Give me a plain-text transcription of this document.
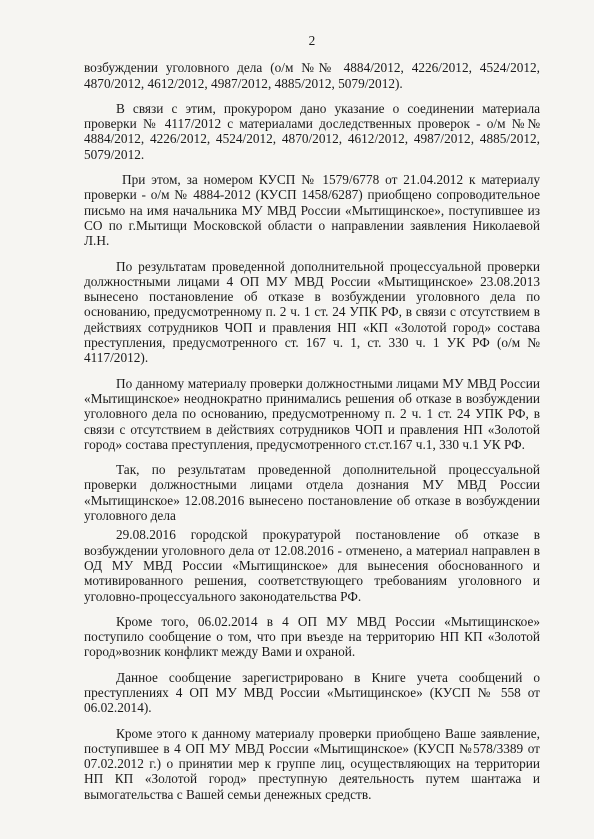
2

возбуждении уголовного дела (о/м №№ 4884/2012, 4226/2012, 4524/2012, 4870/2012, 4612/2012, 4987/2012, 4885/2012, 5079/2012).

В связи с этим, прокурором дано указание о соединении материала проверки № 4117/2012 с материалами доследственных проверок - о/м №№ 4884/2012, 4226/2012, 4524/2012, 4870/2012, 4612/2012, 4987/2012, 4885/2012, 5079/2012.

При этом, за номером КУСП № 1579/6778 от 21.04.2012 к материалу проверки - о/м № 4884-2012 (КУСП 1458/6287) приобщено сопроводительное письмо на имя начальника МУ МВД России «Мытищинское», поступившее из СО по г.Мытищи Московской области о направлении заявления Николаевой Л.Н.

По результатам проведенной дополнительной процессуальной проверки должностными лицами 4 ОП МУ МВД России «Мытищинское» 23.08.2013 вынесено постановление об отказе в возбуждении уголовного дела по основанию, предусмотренному п. 2 ч. 1 ст. 24 УПК РФ, в связи с отсутствием в действиях сотрудников ЧОП и правления НП «КП «Золотой город» состава преступления, предусмотренного ст. 167 ч. 1, ст. 330 ч. 1 УК РФ (о/м № 4117/2012).

По данному материалу проверки должностными лицами МУ МВД России «Мытищинское» неоднократно принимались решения об отказе в возбуждении уголовного дела по основанию, предусмотренному п. 2 ч. 1 ст. 24 УПК РФ, в связи с отсутствием в действиях сотрудников ЧОП и правления НП «Золотой город» состава преступления, предусмотренного ст.ст.167 ч.1, 330 ч.1 УК РФ.

Так, по результатам проведенной дополнительной процессуальной проверки должностными лицами отдела дознания МУ МВД России «Мытищинское» 12.08.2016 вынесено постановление об отказе в возбуждении уголовного дела

29.08.2016 городской прокуратурой постановление об отказе в возбуждении уголовного дела от 12.08.2016 - отменено, а материал направлен в ОД МУ МВД России «Мытищинское» для вынесения обоснованного и мотивированного решения, соответствующего требованиям уголовного и уголовно-процессуального законодательства РФ.

Кроме того, 06.02.2014 в 4 ОП МУ МВД России «Мытищинское» поступило сообщение о том, что при въезде на территорию НП КП «Золотой город»возник конфликт между Вами и охраной.

Данное сообщение зарегистрировано в Книге учета сообщений о преступлениях 4 ОП МУ МВД России «Мытищинское» (КУСП № 558 от 06.02.2014).

Кроме этого к данному материалу проверки приобщено Ваше заявление, поступившее в 4 ОП МУ МВД России «Мытищинское» (КУСП №578/3389 от 07.02.2012 г.) о принятии мер к группе лиц, осуществляющих на территории НП КП «Золотой город» преступную деятельность путем шантажа и вымогательства с Вашей семьи денежных средств.
